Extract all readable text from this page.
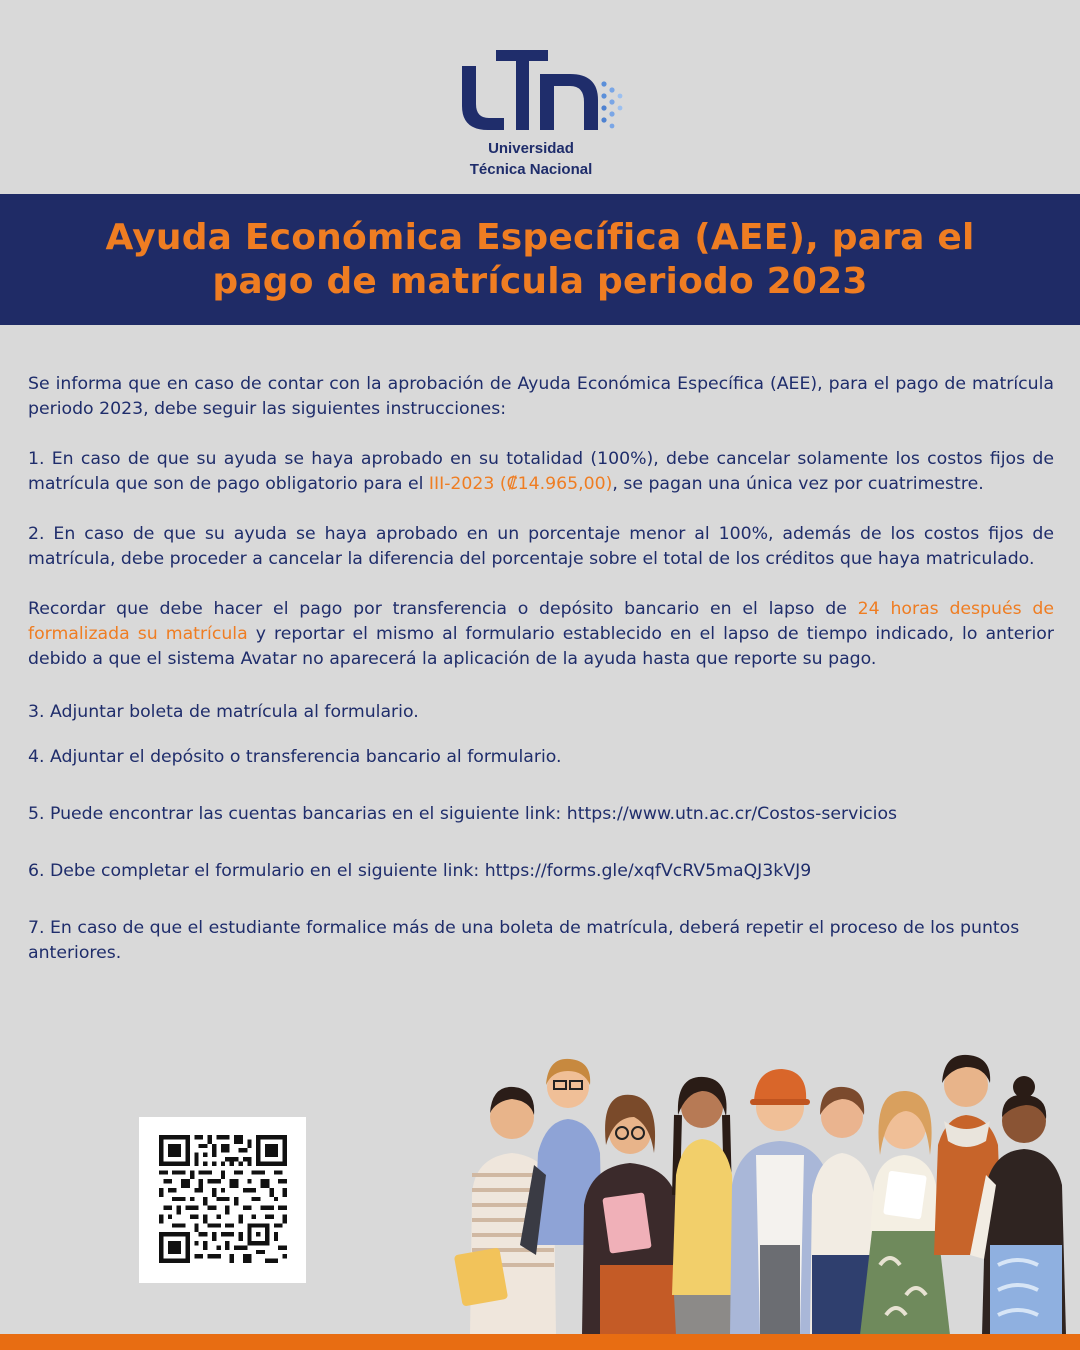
Universidad
Técnica Nacional
Ayuda Económica Específica (AEE), para el
pago de matrícula periodo 2023

Se informa que en caso de contar con la aprobación de Ayuda Económica Específica (AEE), para el pago de matrícula periodo 2023, debe seguir las siguientes instrucciones:

1. En caso de que su ayuda se haya aprobado en su totalidad (100%), debe cancelar solamente los costos fijos de matrícula que son de pago obligatorio para el III-2023 (₡14.965,00), se pagan una única vez por cuatrimestre.

2. En caso de que su ayuda se haya aprobado en un porcentaje menor al 100%, además de los costos fijos de matrícula, debe proceder a cancelar la diferencia del porcentaje sobre el total de los créditos que haya matriculado.

Recordar que debe hacer el pago por transferencia o depósito bancario en el lapso de 24 horas después de formalizada su matrícula y reportar el mismo al formulario establecido en el lapso de tiempo indicado, lo anterior debido a que el sistema Avatar no aparecerá la aplicación de la ayuda hasta que reporte su pago.

3. Adjuntar boleta de matrícula al formulario.

4. Adjuntar el depósito o transferencia bancario al formulario.

5. Puede encontrar las cuentas bancarias en el siguiente link: https://www.utn.ac.cr/Costos-servicios

6. Debe completar el formulario en el siguiente link: https://forms.gle/xqfVcRV5maQJ3kVJ9

7. En caso de que el estudiante formalice más de una boleta de matrícula, deberá repetir el proceso de los puntos anteriores.
